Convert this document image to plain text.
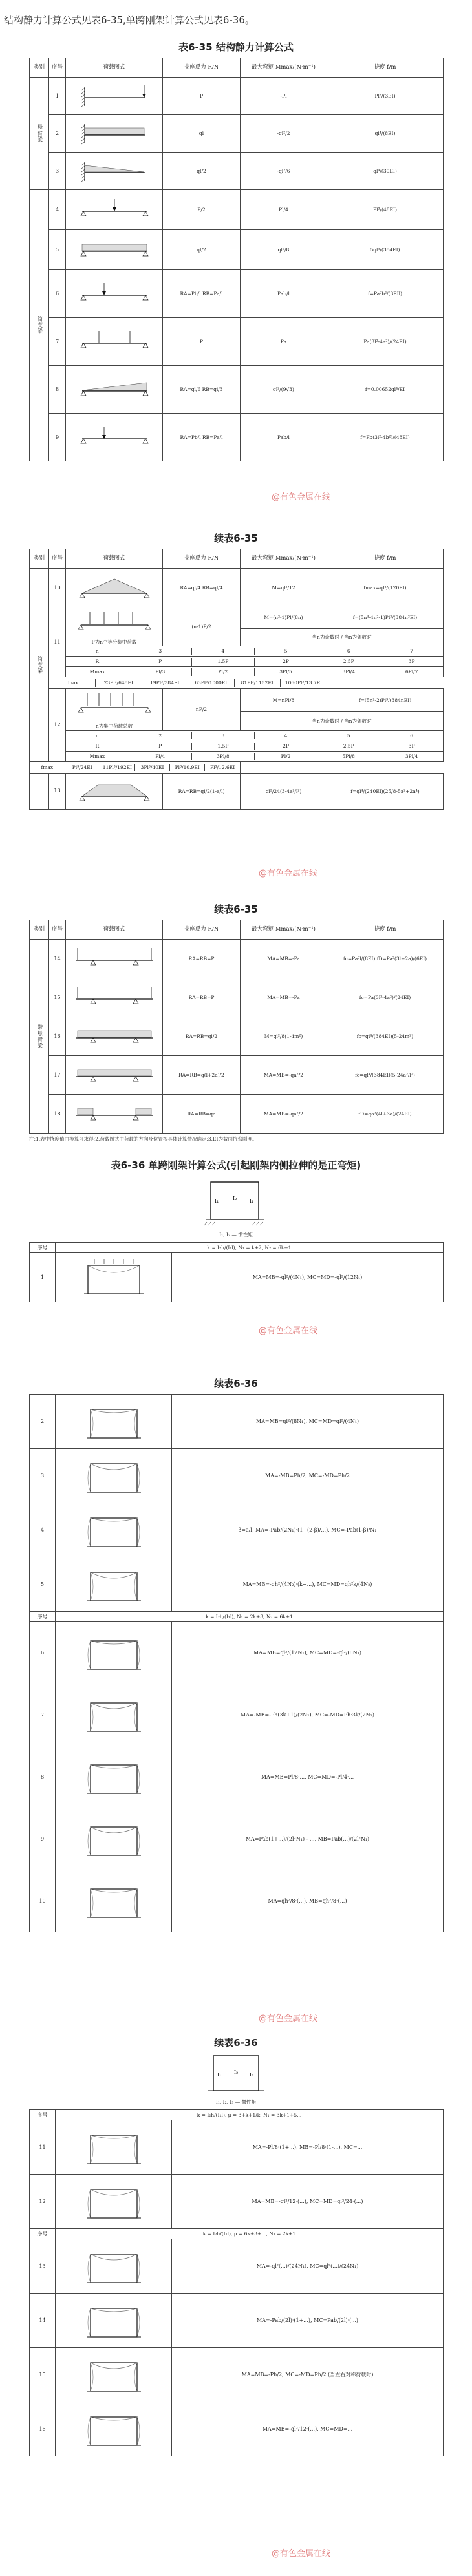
结构静力计算公式见表6-35,单跨刚架计算公式见表6-36。
表6-35 结构静力计算公式
类别	序号	荷载图式	支座反力 R/N	最大弯矩 Mmax/(N·m⁻¹)	挠度 f/m
悬臂梁	1		P	-Pl	Pl³/(3EI)
	2		ql	-ql²/2	ql⁴/(8EI)
	3		ql/2	-ql²/6	ql⁴/(30EI)
简支梁	4		P/2	Pl/4	Pl³/(48EI)
	5		ql/2	ql²/8	5ql⁴/(384EI)
	6		RA=Pb/l RB=Pa/l	Pab/l	f=Pa²b²/(3EIl)
	7		P	Pa	Pa(3l²-4a²)/(24EI)
	8		RA=ql/6 RB=ql/3	ql²/(9√3)	f=0.00652ql⁴/EI
	9		RA=Pb/l RB=Pa/l	Pab/l	f=Pb(3l²-4b²)/(48EI)
@有色金属在线
续表6-35
类别	序号	荷载图式	支座反力 R/N	最大弯矩 Mmax/(N·m⁻¹)	挠度 f/m
简支梁	10		RA=ql/4 RB=ql/4	M=ql²/12	fmax=ql⁴/(120EI)
11	P为n个等分集中荷载
	(n-1)P/2	M=(n²-1)Pl/(8n)	f=(5n⁴-4n²-1)Pl³/(384n³EI)
当n为奇数时 / 当n为偶数时

n	3	4	5	6	7

R	P	1.5P	2P	2.5P	3P

Mmax	Pl/3	Pl/2	3Pl/5	3Pl/4	6Pl/7

fmax	23Pl³/648EI	19Pl³/384EI	63Pl³/1000EI	81Pl³/1152EI	1060Pl³/13.7EI

12	n为集中荷载总数
	nP/2	M=nPl/8	f=(5n²-2)Pl³/(384nEI)
当n为奇数时 / 当n为偶数时

n	2	3	4	5	6

R	P	1.5P	2P	2.5P	3P

Mmax	Pl/4	3Pl/8	Pl/2	5Pl/8	3Pl/4

fmax	Pl³/24EI	11Pl³/192EI	3Pl³/40EI	Pl³/10.9EI	Pl³/12.6EI
	13		RA=RB=ql/2(1-a/l)	ql²/24(3-4a²/l²)	f=ql⁴/(240EI)(25/8-5a²+2a⁴)
@有色金属在线
续表6-35
类别	序号	荷载图式	支座反力 R/N	最大弯矩 Mmax/(N·m⁻¹)	挠度 f/m
带悬臂梁	14		RA=RB=P	MA=MB=-Pa	fc=Pa²l/(8EI) fD=Pa²(3l+2a)/(6EI)
	15		RA=RB=P	MA=MB=-Pa	fc=Pa(3l²-4a²)/(24EI)
	16		RA=RB=ql/2	M=ql²/8(1-4m²)	fc=ql⁴/(384EI)(5-24m²)
	17		RA=RB=q(l+2a)/2	MA=MB=-qa²/2	fc=ql⁴/(384EI)(5-24a²/l²)
	18		RA=RB=qa	MA=MB=-qa²/2	fD=qa³(4l+3a)/(24EI)
注:1.表中挠度值由换算可求得;2.荷载图式中荷载的方向及位置视具体计算情况确定;3.EI为截面抗弯刚度。
表6-36 单跨刚架计算公式(引起刚架内侧拉伸的是正弯矩)
I₂
I₁	I₁
I₁, I₂ — 惯性矩
序号	k = I₂h/(I₁l), N₁ = k+2, N₂ = 6k+1	
1		MA=MB=-ql²/(4N₁), MC=MD=-ql²/(12N₁)
@有色金属在线
续表6-36
2		MA=MB=ql²/(8N₁), MC=MD=ql²/(4N₁)
3		MA=-MB=Ph/2, MC=-MD=Ph/2
4		β=a/l, MA=-Pab/(2N₁)·(1+(2-β)/...), MC=-Pab(1-β)/N₁
5		MA=MB=-qh²/(4N₂)·(k+...), MC=MD=qh²k/(4N₂)
序号	k = I₂h/(I₁l), N₁ = 2k+3, N₂ = 6k+1	
6		MA=MB=ql²/(12N₁), MC=MD=-ql²/(6N₁)
7		MA=-MB=-Ph(3k+1)/(2N₂), MC=-MD=Ph·3k/(2N₂)
8		MA=MB=Pl/8·..., MC=MD=-Pl/4·...
9		MA=Pab(1+...)/(2l²N₁) - ..., MB=Pab(...)/(2l²N₁)
10		MA=qh²/8·(...), MB=qh²/8·(...)
@有色金属在线
续表6-36
I₂
I₁	I₃
I₁, I₂, I₃ — 惯性矩
序号	k = I₂h/(I₁l), μ = 3+k+1/k, N₁ = 3k+1+5...	
11		MA=-Pl/8·(1+...), MB=-Pl/8·(1-...), MC=...
12		MA=MB=-ql²/12·(...), MC=MD=ql²/24·(...)
序号	k = I₂h/(I₁l), μ = 6k+3+..., N₁ = 2k+1	
13		MA=-ql²(...)/(24N₁), MC=ql²(...)/(24N₁)
14		MA=-Pab/(2l)·(1+...), MC=Pab/(2l)·(...)
15		MA=MB=-Ph/2, MC=-MD=Ph/2 (当左右对称荷载时)
16		MA=MB=-ql²/12·(...), MC=MD=...
@有色金属在线
